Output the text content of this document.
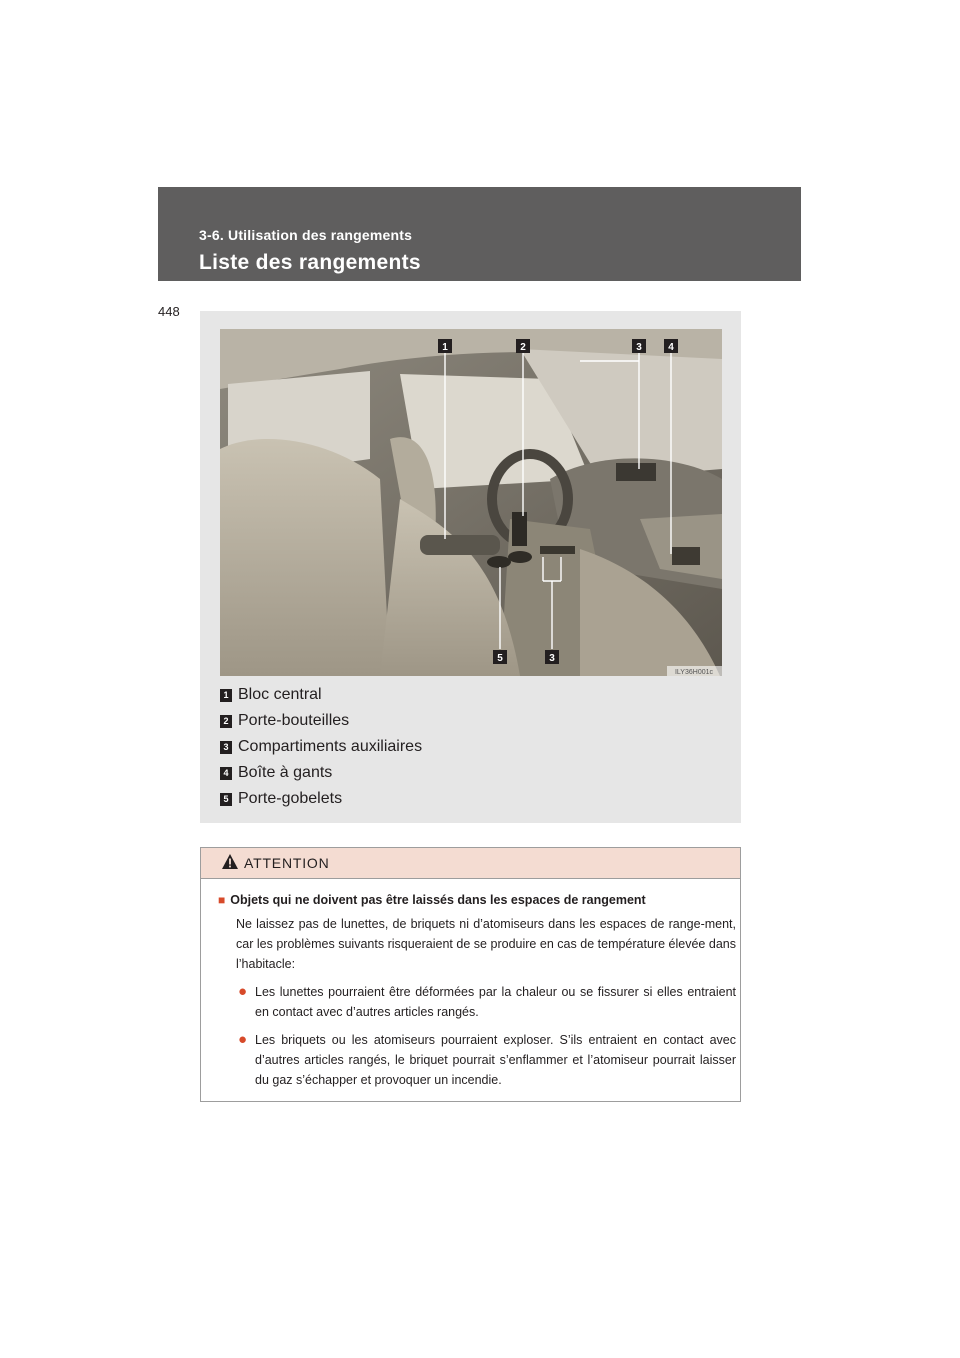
3-6. Utilisation des rangements
Liste des rangements
448
1	2	3	4
5	3
ILY36H001c
1 Bloc central
2 Porte-bouteilles
3 Compartiments auxiliaires
4 Boîte à gants
5 Porte-gobelets
ATTENTION
■ Objets qui ne doivent pas être laissés dans les espaces de rangement

Ne laissez pas de lunettes, de briquets ni d’atomiseurs dans les espaces de range-ment, car les problèmes suivants risqueraient de se produire en cas de température élevée dans l’habitacle:

● Les lunettes pourraient être déformées par la chaleur ou se fissurer si elles entraient en contact avec d’autres articles rangés.
● Les briquets ou les atomiseurs pourraient exploser. S’ils entraient en contact avec d’autres articles rangés, le briquet pourrait s’enflammer et l’atomiseur pourrait laisser du gaz s’échapper et provoquer un incendie.
